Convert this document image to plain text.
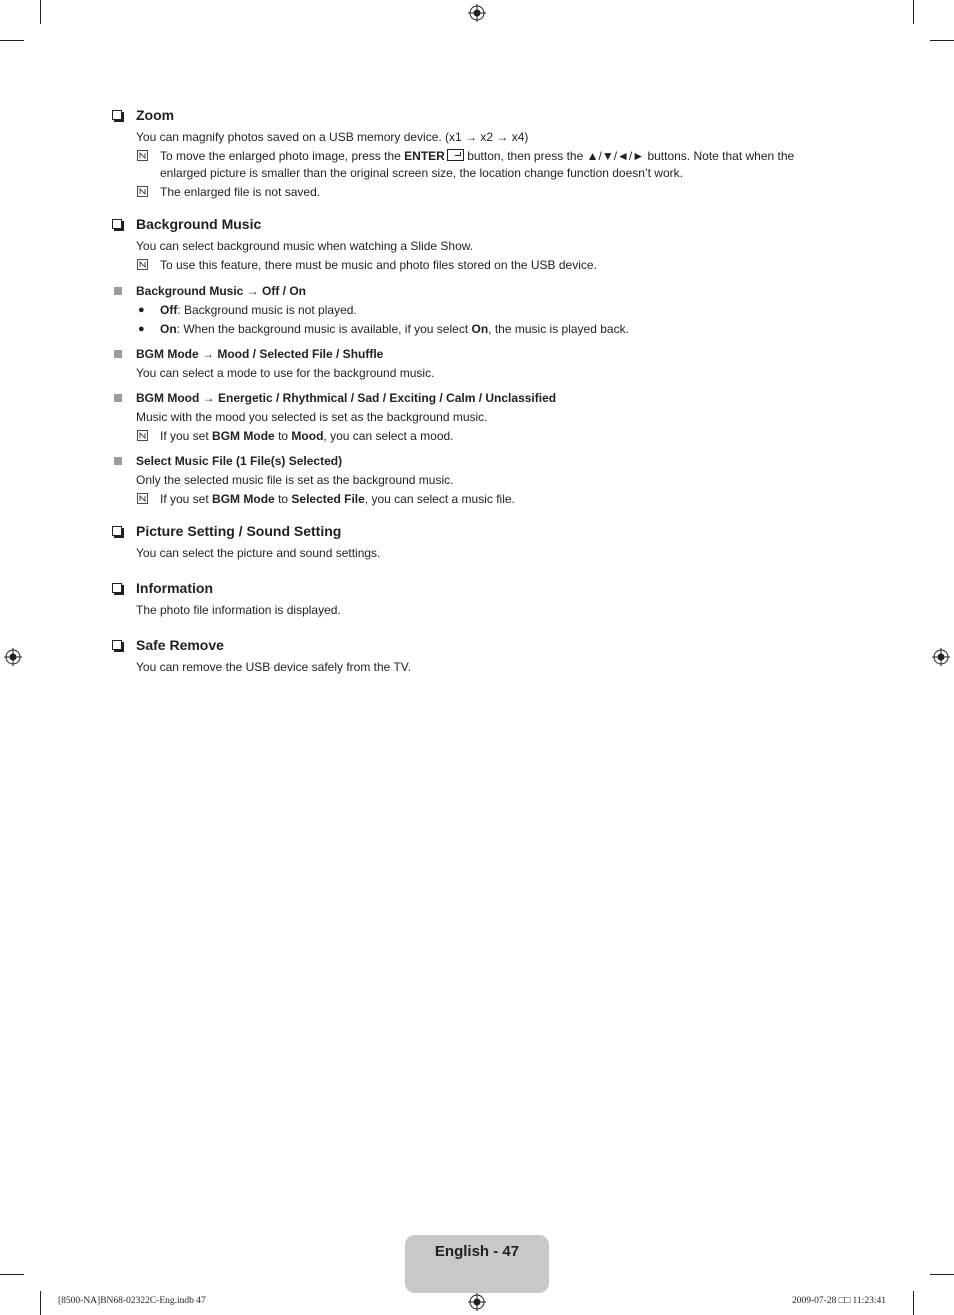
Zoom
You can magnify photos saved on a USB memory device. (x1 → x2 → x4)
To move the enlarged photo image, press the ENTER button, then press the ▲/▼/◄/► buttons. Note that when the enlarged picture is smaller than the original screen size, the location change function doesn’t work.
The enlarged file is not saved.
Background Music
You can select background music when watching a Slide Show.
To use this feature, there must be music and photo files stored on the USB device.
Background Music → Off / On
● Off: Background music is not played.
● On: When the background music is available, if you select On, the music is played back.
BGM Mode → Mood / Selected File / Shuffle
You can select a mode to use for the background music.
BGM Mood → Energetic / Rhythmical / Sad / Exciting / Calm / Unclassified
Music with the mood you selected is set as the background music.
If you set BGM Mode to Mood, you can select a mood.
Select Music File (1 File(s) Selected)
Only the selected music file is set as the background music.
If you set BGM Mode to Selected File, you can select a music file.
Picture Setting / Sound Setting
You can select the picture and sound settings.
Information
The photo file information is displayed.
Safe Remove
You can remove the USB device safely from the TV.
English - 47
[8500-NA]BN68-02322C-Eng.indb 47	2009-07-28 □□ 11:23:41
